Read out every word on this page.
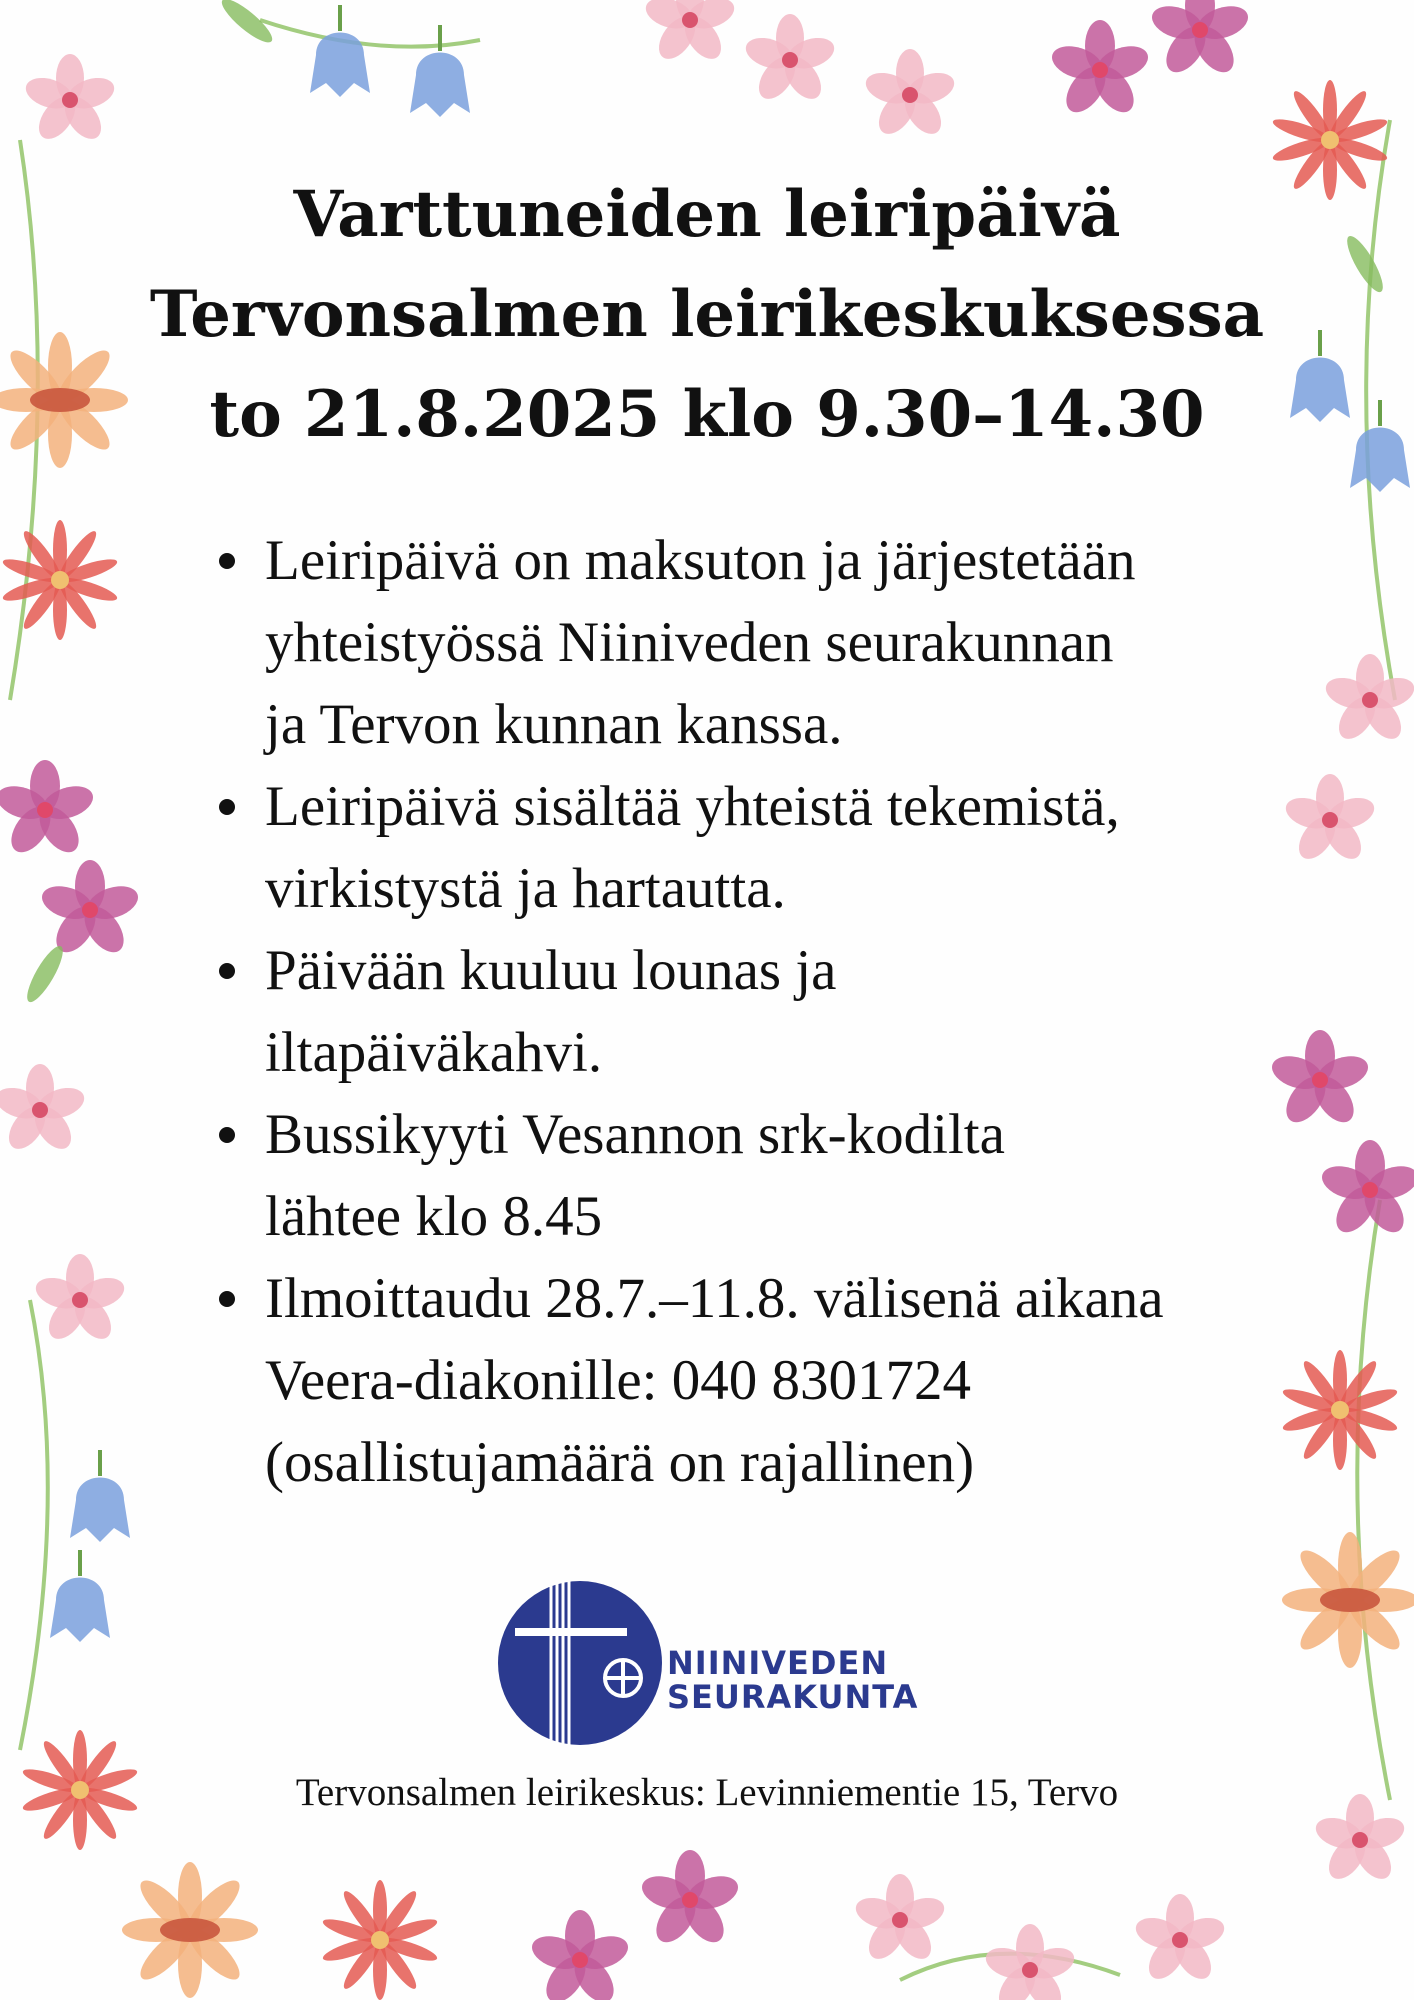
Varttuneiden leiripäivä
Tervonsalmen leirikeskuksessa
to 21.8.2025 klo 9.30–14.30
Leiripäivä on maksuton ja järjestetään
yhteistyössä Niiniveden seurakunnan
ja Tervon kunnan kanssa.
Leiripäivä sisältää yhteistä tekemistä,
virkistystä ja hartautta.
Päivään kuuluu lounas ja
iltapäiväkahvi.
Bussikyyti Vesannon srk-kodilta
lähtee klo 8.45
Ilmoittaudu 28.7.–11.8. välisenä aikana
Veera-diakonille: 040 8301724
(osallistujamäärä on rajallinen)
NIINIVEDEN
SEURAKUNTA
Tervonsalmen leirikeskus: Levinniementie 15, Tervo
